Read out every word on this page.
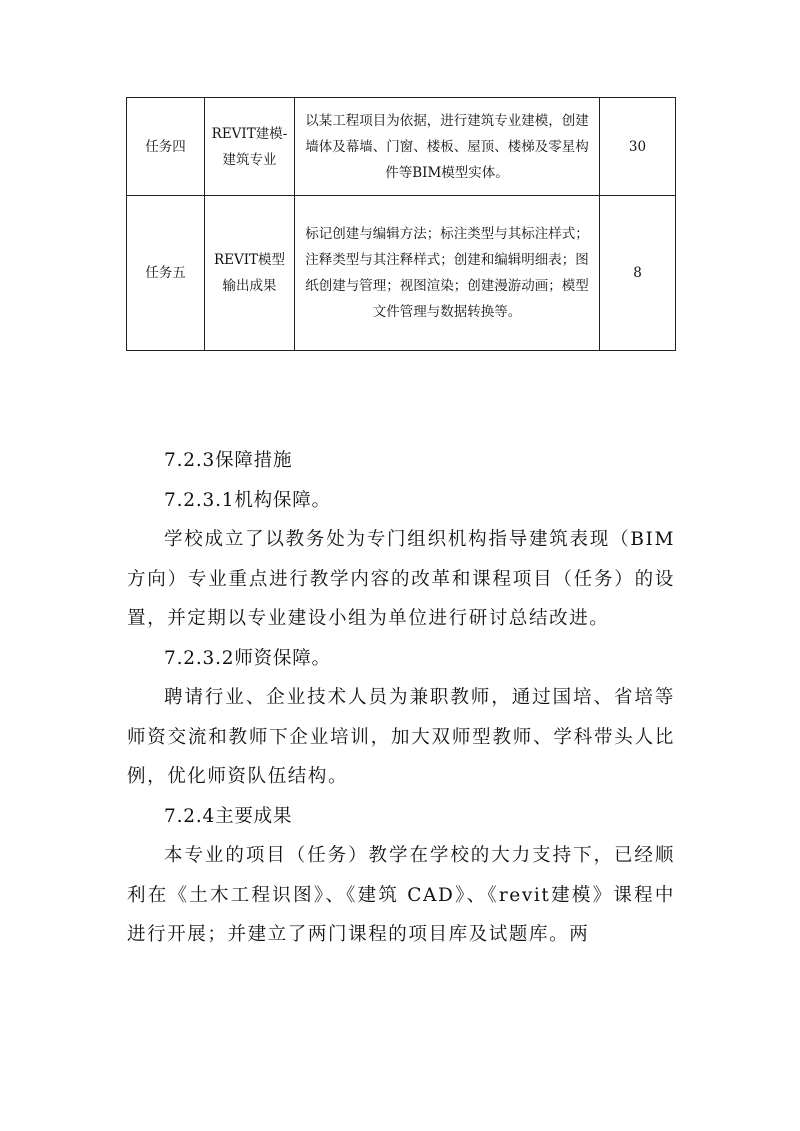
任务四	REVIT建模-建筑专业	以某工程项目为依据，进行建筑专业建模，创建墙体及幕墙、门窗、楼板、屋顶、楼梯及零星构件等BIM模型实体。	30
任务五	REVIT模型输出成果	标记创建与编辑方法；标注类型与其标注样式；注释类型与其注释样式；创建和编辑明细表；图纸创建与管理；视图渲染；创建漫游动画；模型文件管理与数据转换等。	8

7.2.3保障措施

7.2.3.1机构保障。

学校成立了以教务处为专门组织机构指导建筑表现（BIM方向）专业重点进行教学内容的改革和课程项目（任务）的设置，并定期以专业建设小组为单位进行研讨总结改进。

7.2.3.2师资保障。

聘请行业、企业技术人员为兼职教师，通过国培、省培等师资交流和教师下企业培训，加大双师型教师、学科带头人比例，优化师资队伍结构。

7.2.4主要成果

本专业的项目（任务）教学在学校的大力支持下，已经顺利在《土木工程识图》、《建筑 CAD》、《revit建模》课程中进行开展；并建立了两门课程的项目库及试题库。两
